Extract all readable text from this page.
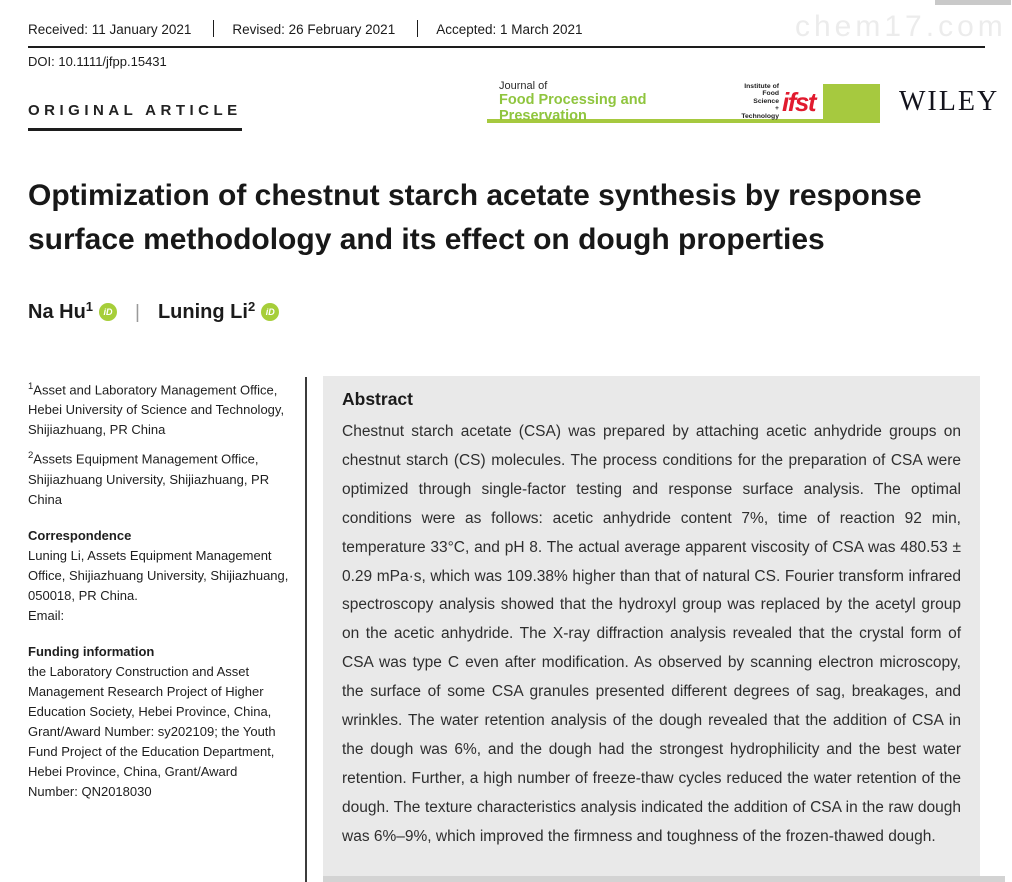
chem17.com
Received: 11 January 2021	Revised: 26 February 2021	Accepted: 1 March 2021
DOI: 10.1111/jfpp.15431
ORIGINAL ARTICLE
Journal of
Food Processing and Preservation
Institute of
Food Science
+ Technology ifst	WILEY
Optimization of chestnut starch acetate synthesis by response surface methodology and its effect on dough properties
Na Hu$^1$	iD | Luning Li$^2$	iD

$^1$Asset and Laboratory Management Office, Hebei University of Science and Technology, Shijiazhuang, PR China

$^2$Assets Equipment Management Office, Shijiazhuang University, Shijiazhuang, PR China

Correspondence
Luning Li, Assets Equipment Management Office, Shijiazhuang University, Shijiazhuang, 050018, PR China.
Email:
Funding information
the Laboratory Construction and Asset Management Research Project of Higher Education Society, Hebei Province, China, Grant/Award Number: sy202109; the Youth Fund Project of the Education Department, Hebei Province, China, Grant/Award Number: QN2018030
Abstract
Chestnut starch acetate (CSA) was prepared by attaching acetic anhydride groups on chestnut starch (CS) molecules. The process conditions for the preparation of CSA were optimized through single-factor testing and response surface analysis. The optimal conditions were as follows: acetic anhydride content 7%, time of reaction 92 min, temperature 33°C, and pH 8. The actual average apparent viscosity of CSA was 480.53 ± 0.29 mPa·s, which was 109.38% higher than that of natural CS. Fourier transform infrared spectroscopy analysis showed that the hydroxyl group was replaced by the acetyl group on the acetic anhydride. The X-ray diffraction analysis revealed that the crystal form of CSA was type C even after modification. As observed by scanning electron microscopy, the surface of some CSA granules presented different degrees of sag, breakages, and wrinkles. The water retention analysis of the dough revealed that the addition of CSA in the dough was 6%, and the dough had the strongest hydrophilicity and the best water retention. Further, a high number of freeze-thaw cycles reduced the water retention of the dough. The texture characteristics analysis indicated the addition of CSA in the raw dough was 6%–9%, which improved the firmness and toughness of the frozen-thawed dough.
